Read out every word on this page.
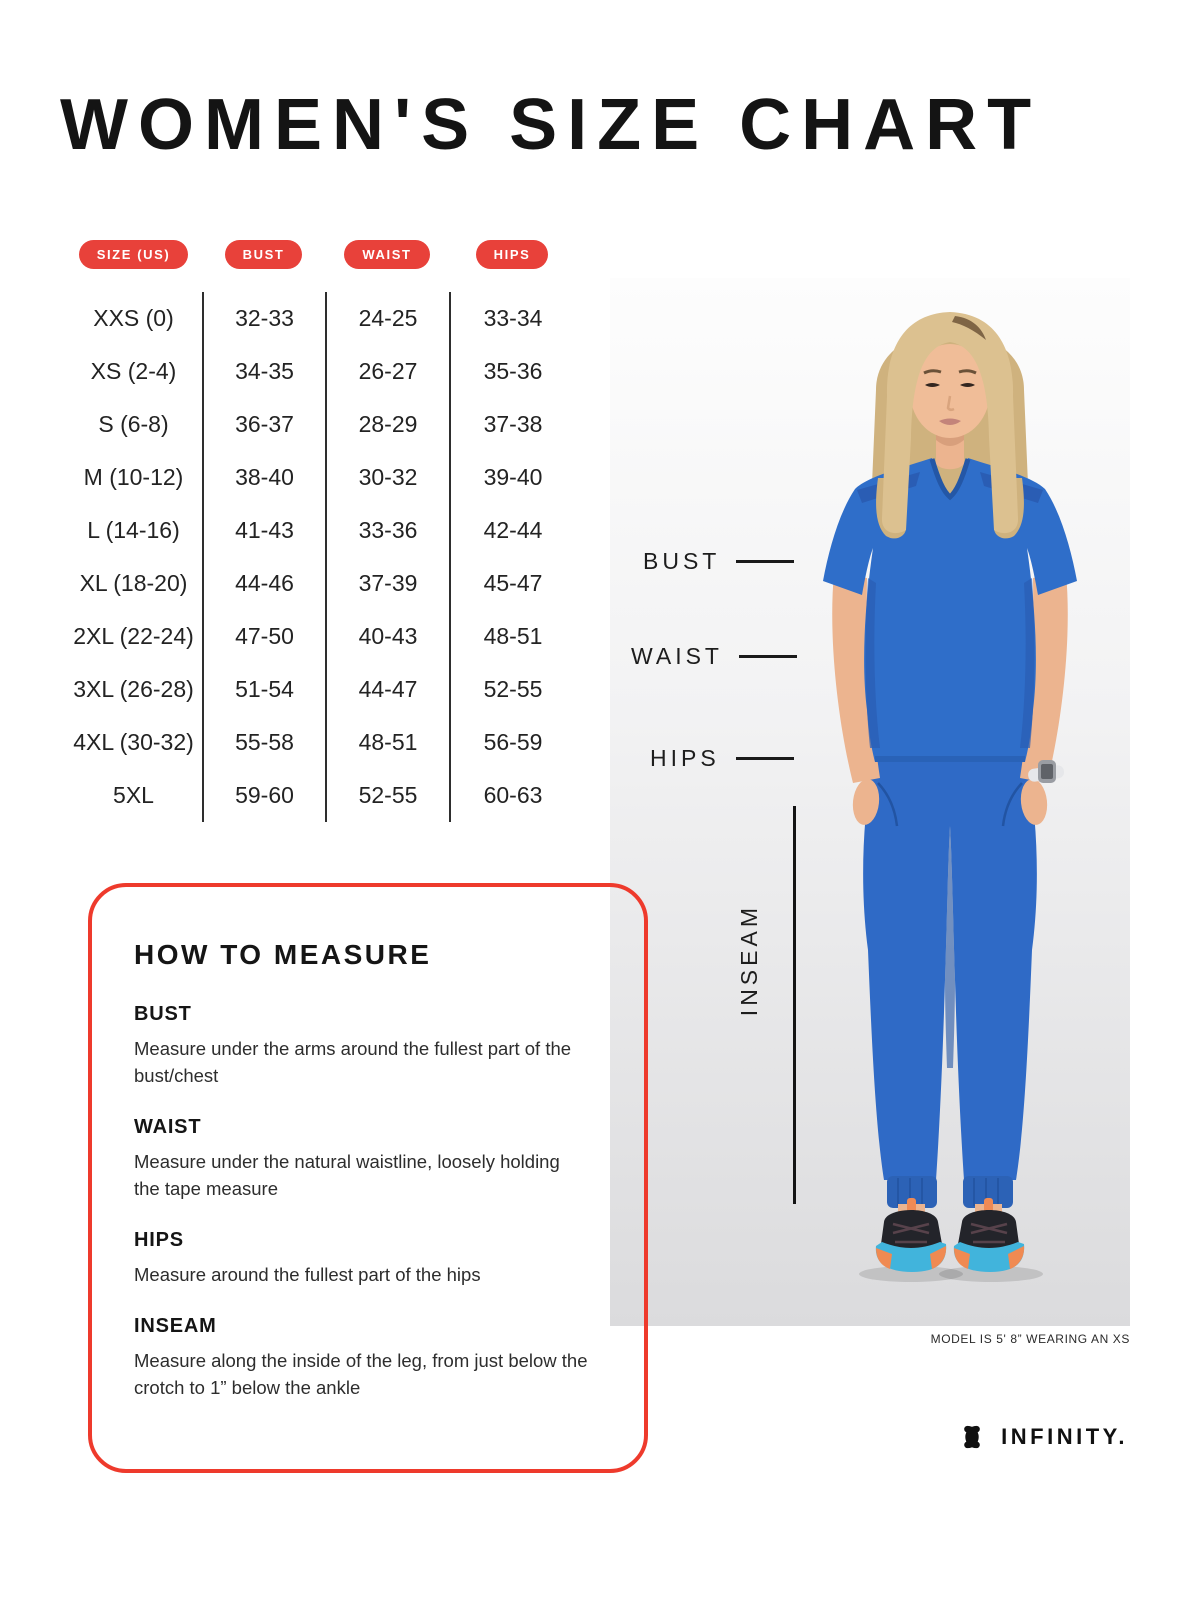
WOMEN'S SIZE CHART
SIZE (US)	BUST	WAIST	HIPS
XXS (0)	32-33	24-25	33-34
XS (2-4)	34-35	26-27	35-36
S (6-8)	36-37	28-29	37-38
M (10-12)	38-40	30-32	39-40
L (14-16)	41-43	33-36	42-44
XL (18-20)	44-46	37-39	45-47
2XL (22-24)	47-50	40-43	48-51
3XL (26-28)	51-54	44-47	52-55
4XL (30-32)	55-58	48-51	56-59
5XL	59-60	52-55	60-63
BUST
WAIST
HIPS
INSEAM
MODEL IS 5' 8” WEARING AN XS
HOW TO MEASURE
BUST

Measure under the arms around the fullest part of the bust/chest

WAIST

Measure under the natural waistline, loosely holding the tape measure

HIPS

Measure around the fullest part of the hips

INSEAM

Measure along the inside of the leg, from just below the crotch to 1” below the ankle

INFINITY.
